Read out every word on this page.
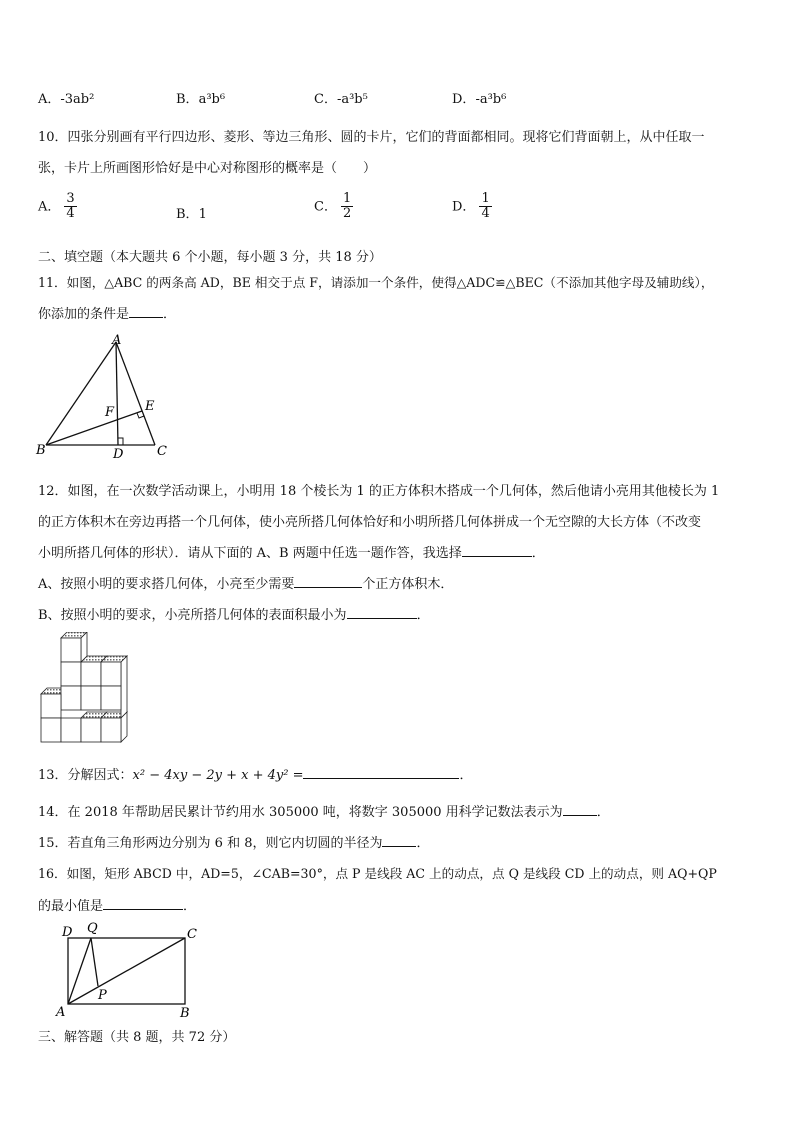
A．-3ab²	B．a³b⁶	C．-a³b⁵	D．-a³b⁶
10．四张分别画有平行四边形、菱形、等边三角形、圆的卡片，它们的背面都相同。现将它们背面朝上，从中任取一
张，卡片上所画图形恰好是中心对称图形的概率是（　　）
A． $\frac{3}{4}$	B．1
C． $\frac{1}{2}$	D． $\frac{1}{4}$
二、填空题（本大题共 6 个小题，每小题 3 分，共 18 分）
11．如图，△ABC 的两条高 AD，BE 相交于点 F，请添加一个条件，使得△ADC≌△BEC（不添加其他字母及辅助线），
你添加的条件是	．
A
B	C
D
E
F
12．如图，在一次数学活动课上，小明用 18 个棱长为 1 的正方体积木搭成一个几何体，然后他请小亮用其他棱长为 1
的正方体积木在旁边再搭一个几何体，使小亮所搭几何体恰好和小明所搭几何体拼成一个无空隙的大长方体（不改变
小明所搭几何体的形状）．请从下面的 A、B 两题中任选一题作答，我选择	．
A、按照小明的要求搭几何体，小亮至少需要	个正方体积木．
B、按照小明的要求，小亮所搭几何体的表面积最小为	．
13．分解因式：x² − 4xy − 2y + x + 4y² =	．
14．在 2018 年帮助居民累计节约用水 305000 吨，将数字 305000 用科学记数法表示为	．
15．若直角三角形两边分别为 6 和 8，则它内切圆的半径为	．
16．如图，矩形 ABCD 中，AD=5，∠CAB=30°，点 P 是线段 AC 上的动点，点 Q 是线段 CD 上的动点，则 AQ+QP
的最小值是	．
D Q	C
A	B
P
三、解答题（共 8 题，共 72 分）
